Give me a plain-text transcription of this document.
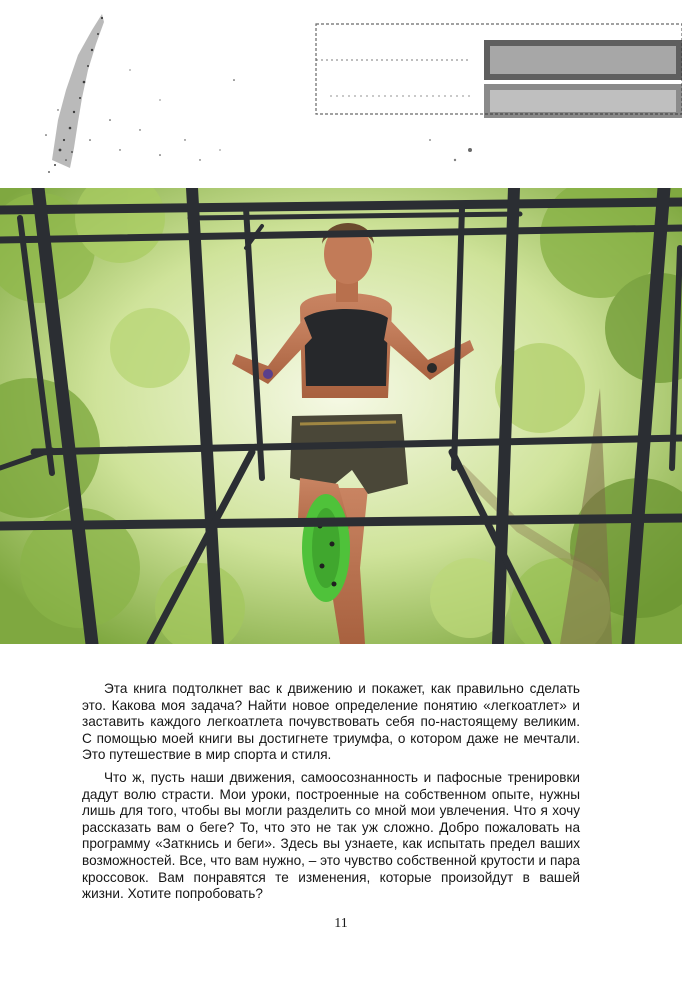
Эта книга подтолкнет вас к движению и покажет, как правильно сделать это. Какова моя задача? Найти новое определение понятию «легкоатлет» и заставить каждого легкоатлета почувствовать себя по-настоящему великим. С помощью моей книги вы достигнете триумфа, о котором даже не мечтали. Это путешествие в мир спорта и стиля.

Что ж, пусть наши движения, самоосознанность и пафосные тренировки дадут волю страсти. Мои уроки, построенные на собственном опыте, нужны лишь для того, чтобы вы могли разделить со мной мои увлечения. Что я хочу рассказать вам о беге? То, что это не так уж сложно. Добро пожаловать на программу «Заткнись и беги». Здесь вы узнаете, как испытать предел ваших возможностей. Все, что вам нужно, – это чувство собственной крутости и пара кроссовок. Вам понравятся те изменения, которые произойдут в вашей жизни. Хотите попробовать?

11
